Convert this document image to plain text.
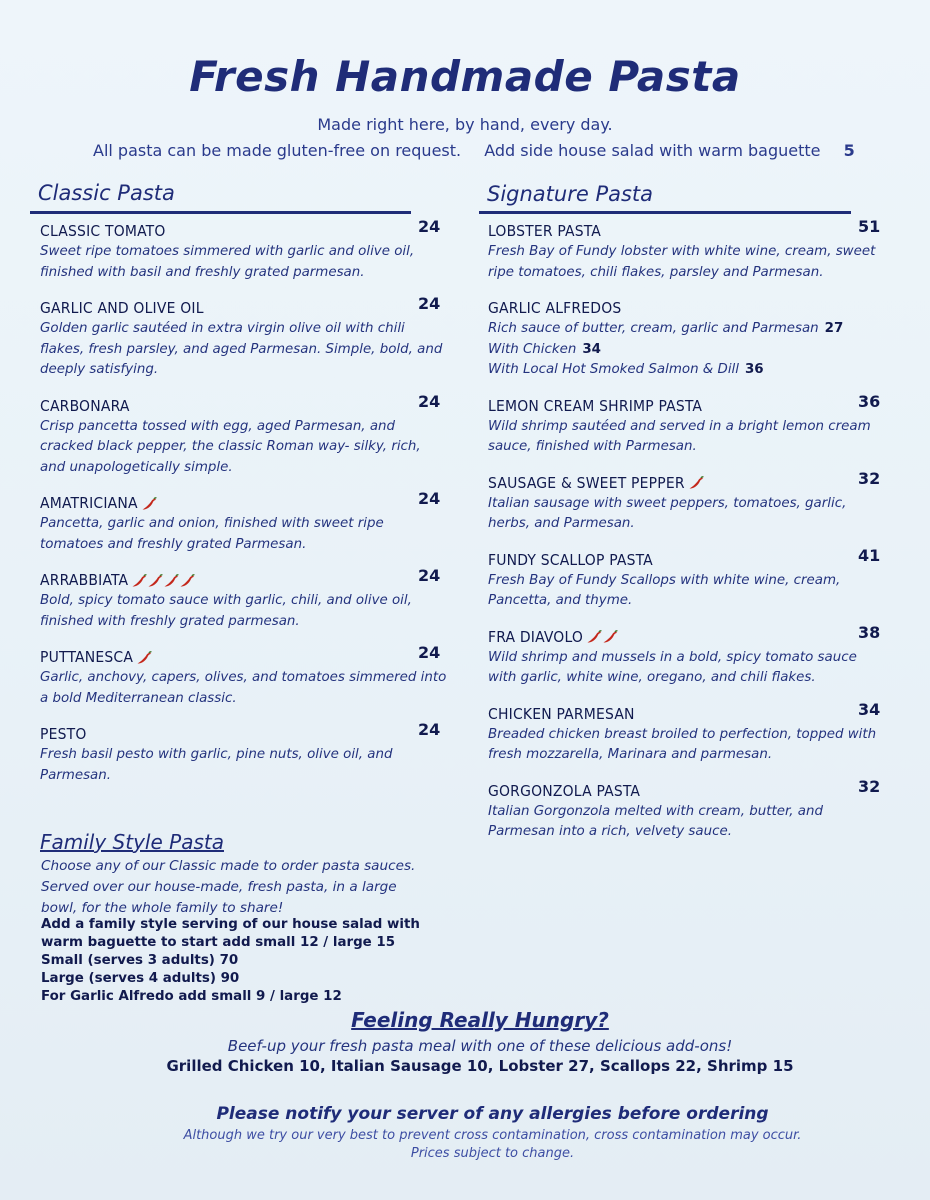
Fresh Handmade Pasta
Made right here, by hand, every day.
All pasta can be made gluten-free on request. Add side house salad with warm baguette 5
Classic Pasta	Signature Pasta
CLASSIC TOMATO	24

Sweet ripe tomatoes simmered with garlic and olive oil, finished with basil and freshly grated parmesan.

GARLIC AND OLIVE OIL	24

Golden garlic sautéed in extra virgin olive oil with chili flakes, fresh parsley, and aged Parmesan. Simple, bold, and deeply satisfying.

CARBONARA	24

Crisp pancetta tossed with egg, aged Parmesan, and cracked black pepper, the classic Roman way- silky, rich, and unapologetically simple.

AMATRICIANA	24

Pancetta, garlic and onion, finished with sweet ripe tomatoes and freshly grated Parmesan.

ARRABBIATA	24

Bold, spicy tomato sauce with garlic, chili, and olive oil, finished with freshly grated parmesan.

PUTTANESCA	24

Garlic, anchovy, capers, olives, and tomatoes simmered into a bold Mediterranean classic.

PESTO	24

Fresh basil pesto with garlic, pine nuts, olive oil, and Parmesan.

LOBSTER PASTA	51

Fresh Bay of Fundy lobster with white wine, cream, sweet ripe tomatoes, chili flakes, parsley and Parmesan.

GARLIC ALFREDOS

Rich sauce of butter, cream, garlic and Parmesan 27

With Chicken 34

With Local Hot Smoked Salmon & Dill 36

LEMON CREAM SHRIMP PASTA	36

Wild shrimp sautéed and served in a bright lemon cream sauce, finished with Parmesan.

SAUSAGE & SWEET PEPPER	32

Italian sausage with sweet peppers, tomatoes, garlic, herbs, and Parmesan.

FUNDY SCALLOP PASTA	41

Fresh Bay of Fundy Scallops with white wine, cream, Pancetta, and thyme.

FRA DIAVOLO	38

Wild shrimp and mussels in a bold, spicy tomato sauce with garlic, white wine, oregano, and chili flakes.

CHICKEN PARMESAN	34

Breaded chicken breast broiled to perfection, topped with fresh mozzarella, Marinara and parmesan.

GORGONZOLA PASTA	32

Italian Gorgonzola melted with cream, butter, and Parmesan into a rich, velvety sauce.

Family Style Pasta
Choose any of our Classic made to order pasta sauces. Served over our house-made, fresh pasta, in a large bowl, for the whole family to share!
Add a family style serving of our house salad with
warm baguette to start add small 12 / large 15
Small (serves 3 adults) 70
Large (serves 4 adults) 90
For Garlic Alfredo add small 9 / large 12
Feeling Really Hungry?
Beef-up your fresh pasta meal with one of these delicious add-ons!
Grilled Chicken 10, Italian Sausage 10, Lobster 27, Scallops 22, Shrimp 15
Please notify your server of any allergies before ordering
Although we try our very best to prevent cross contamination, cross contamination may occur.
Prices subject to change.
